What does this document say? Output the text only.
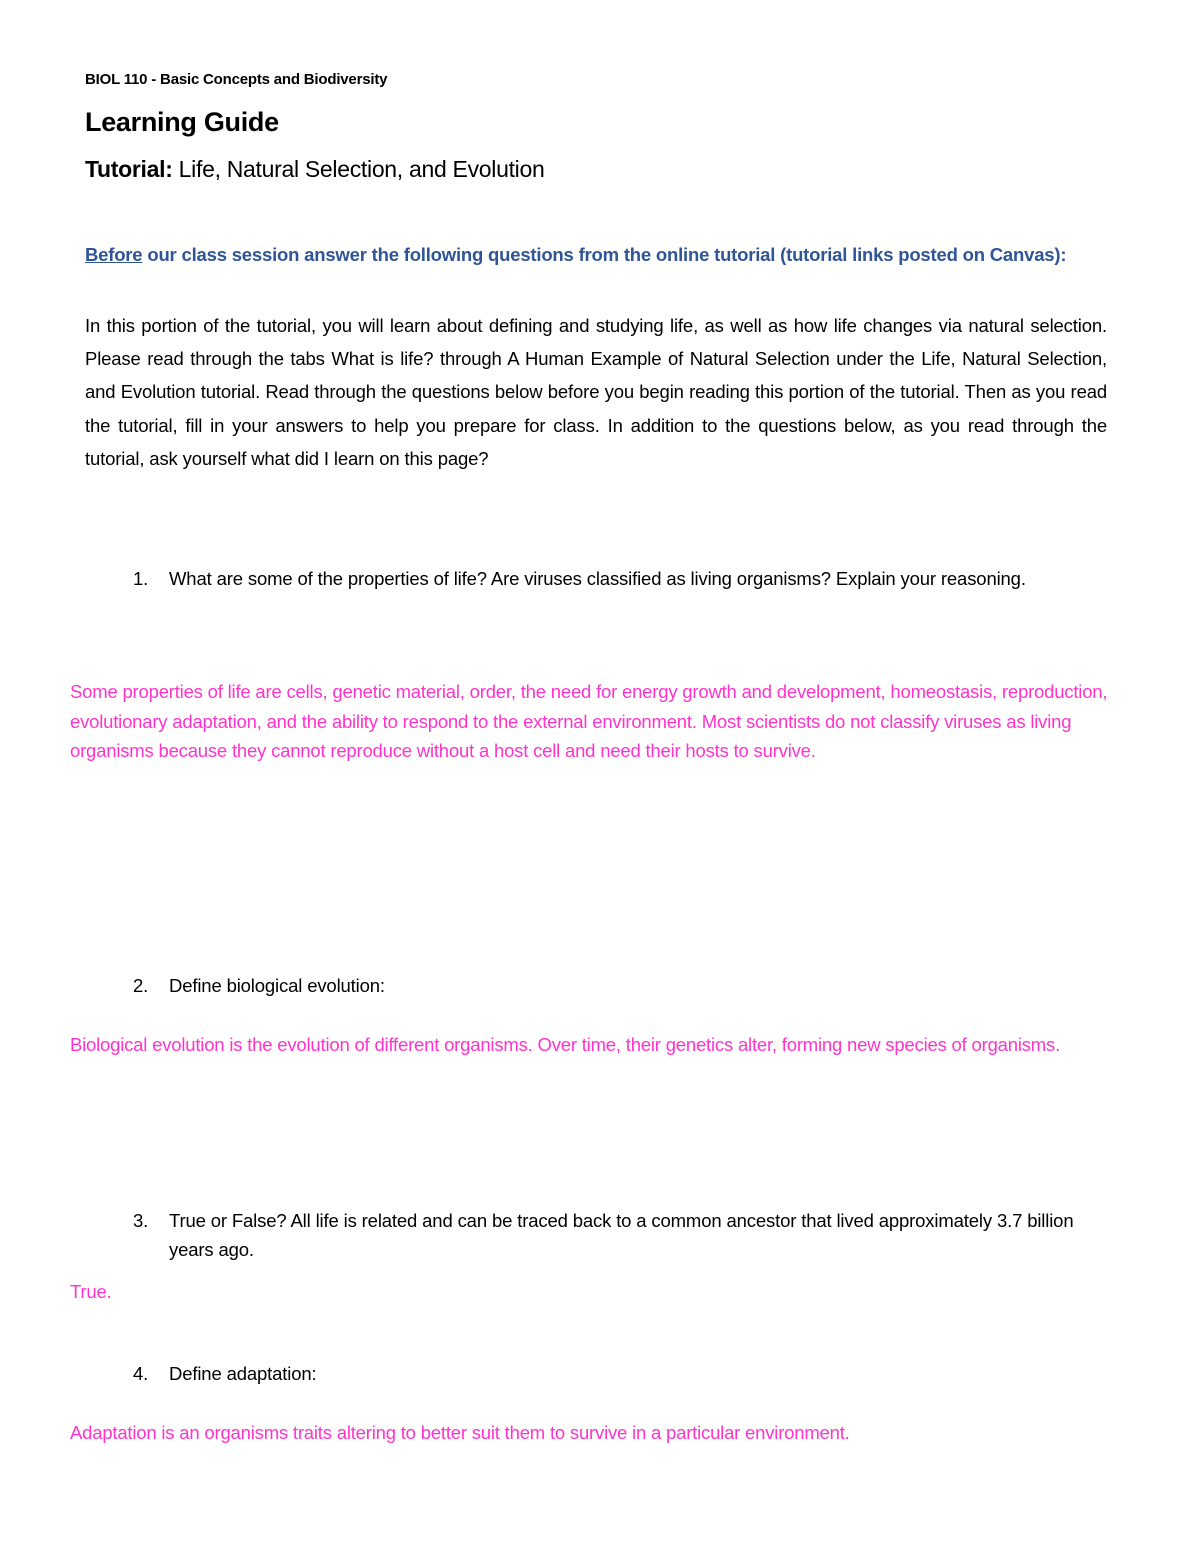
BIOL 110 - Basic Concepts and Biodiversity
Learning Guide
Tutorial: Life, Natural Selection, and Evolution
Before our class session answer the following questions from the online tutorial (tutorial links posted on Canvas):
In this portion of the tutorial, you will learn about defining and studying life, as well as how life changes via natural selection. Please read through the tabs What is life? through A Human Example of Natural Selection under the Life, Natural Selection, and Evolution tutorial. Read through the questions below before you begin reading this portion of the tutorial. Then as you read the tutorial, fill in your answers to help you prepare for class. In addition to the questions below, as you read through the tutorial, ask yourself what did I learn on this page?
1.	What are some of the properties of life? Are viruses classified as living organisms? Explain your reasoning.
Some properties of life are cells, genetic material, order, the need for energy growth and development, homeostasis, reproduction, evolutionary adaptation, and the ability to respond to the external environment. Most scientists do not classify viruses as living organisms because they cannot reproduce without a host cell and need their hosts to survive.
2.	Define biological evolution:
Biological evolution is the evolution of different organisms. Over time, their genetics alter, forming new species of organisms.
3.	True or False? All life is related and can be traced back to a common ancestor that lived approximately 3.7 billion years ago.
True.
4.	Define adaptation:
Adaptation is an organisms traits altering to better suit them to survive in a particular environment.
